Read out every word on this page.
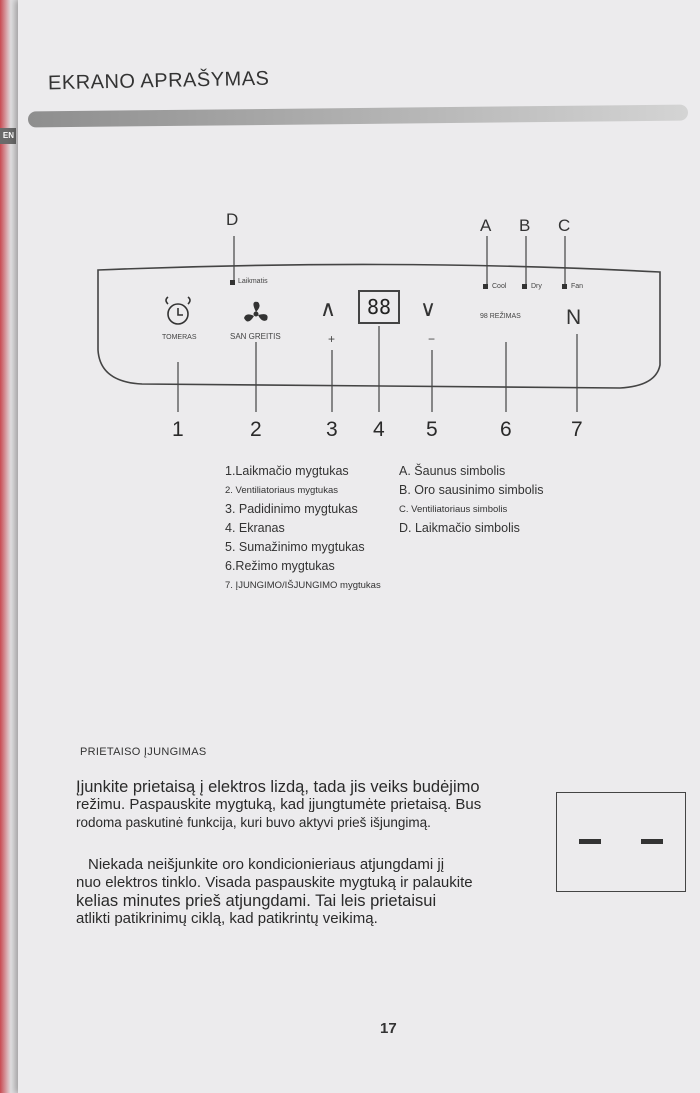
EN
EKRANO APRAŠYMAS
D	A B C
Laikmatis
Cool	Dry	Fan
TOMERAS	SAN GREITIS
98 REŽIMAS
∧
+
88	∨
−
N
1	2	3 4 5	6	7
1.Laikmačio mygtukas
2. Ventiliatoriaus mygtukas
3. Padidinimo mygtukas
4. Ekranas
5. Sumažinimo mygtukas
6.Režimo mygtukas
7. ĮJUNGIMO/IŠJUNGIMO mygtukas
A. Šaunus simbolis
B. Oro sausinimo simbolis
C. Ventiliatoriaus simbolis
D. Laikmačio simbolis
PRIETAISO ĮJUNGIMAS
Įjunkite prietaisą į elektros lizdą, tada jis veiks budėjimo
režimu. Paspauskite mygtuką, kad įjungtumėte prietaisą. Bus
rodoma paskutinė funkcija, kuri buvo aktyvi prieš išjungimą.
Niekada neišjunkite oro kondicionieriaus atjungdami jį
nuo elektros tinklo. Visada paspauskite mygtuką ir palaukite
kelias minutes prieš atjungdami. Tai leis prietaisui
atlikti patikrinimų ciklą, kad patikrintų veikimą.
17
